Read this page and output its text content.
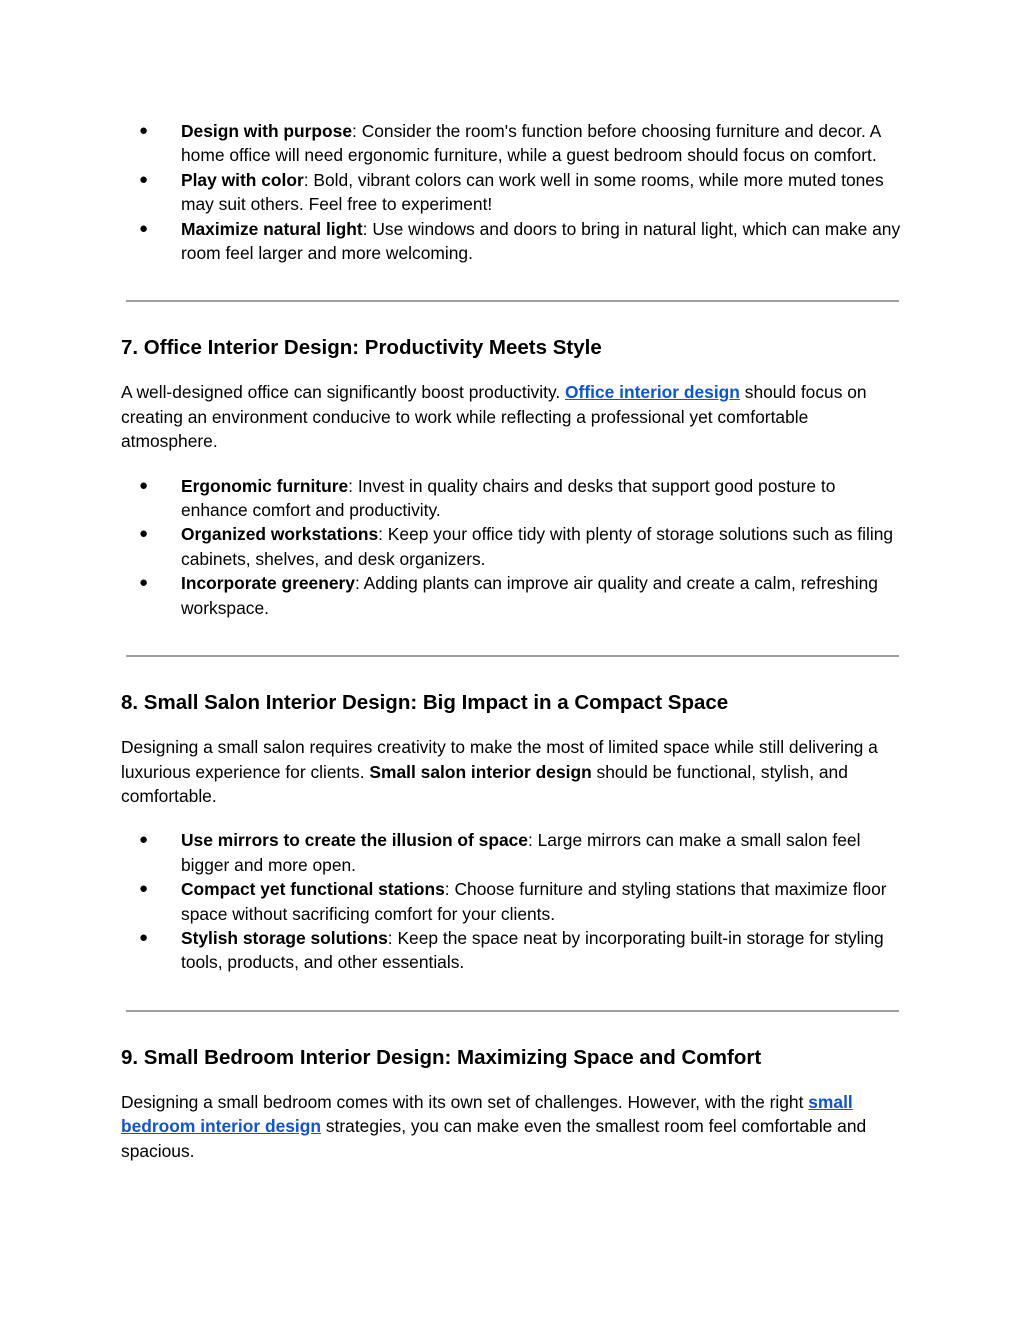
● Design with purpose: Consider the room's function before choosing furniture and decor. A home office will need ergonomic furniture, while a guest bedroom should focus on comfort.
● Play with color: Bold, vibrant colors can work well in some rooms, while more muted tones may suit others. Feel free to experiment!
● Maximize natural light: Use windows and doors to bring in natural light, which can make any room feel larger and more welcoming.
7. Office Interior Design: Productivity Meets Style

A well-designed office can significantly boost productivity. Office interior design should focus on creating an environment conducive to work while reflecting a professional yet comfortable atmosphere.

● Ergonomic furniture: Invest in quality chairs and desks that support good posture to enhance comfort and productivity.
● Organized workstations: Keep your office tidy with plenty of storage solutions such as filing cabinets, shelves, and desk organizers.
● Incorporate greenery: Adding plants can improve air quality and create a calm, refreshing workspace.
8. Small Salon Interior Design: Big Impact in a Compact Space

Designing a small salon requires creativity to make the most of limited space while still delivering a luxurious experience for clients. Small salon interior design should be functional, stylish, and comfortable.

● Use mirrors to create the illusion of space: Large mirrors can make a small salon feel bigger and more open.
● Compact yet functional stations: Choose furniture and styling stations that maximize floor space without sacrificing comfort for your clients.
● Stylish storage solutions: Keep the space neat by incorporating built-in storage for styling tools, products, and other essentials.
9. Small Bedroom Interior Design: Maximizing Space and Comfort

Designing a small bedroom comes with its own set of challenges. However, with the right small bedroom interior design strategies, you can make even the smallest room feel comfortable and spacious.
